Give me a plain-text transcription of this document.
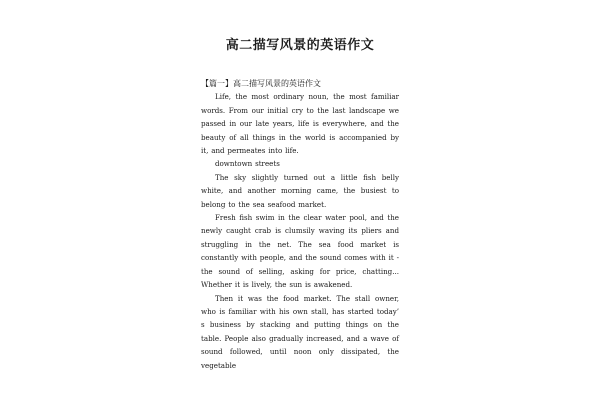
高二描写风景的英语作文

【篇一】高二描写风景的英语作文

Life, the most ordinary noun, the most familiar words. From our initial cry to the last landscape we passed in our late years, life is everywhere, and the beauty of all things in the world is accompanied by it, and permeates into life.

downtown streets

The sky slightly turned out a little fish belly white, and another morning came, the busiest to belong to the sea seafood market.

Fresh fish swim in the clear water pool, and the newly caught crab is clumsily waving its pliers and struggling in the net. The sea food market is constantly with people, and the sound comes with it - the sound of selling, asking for price, chatting... Whether it is lively, the sun is awakened.

Then it was the food market. The stall owner, who is familiar with his own stall, has started today’ s business by stacking and putting things on the table. People also gradually increased, and a wave of sound followed, until noon only dissipated, the vegetable
